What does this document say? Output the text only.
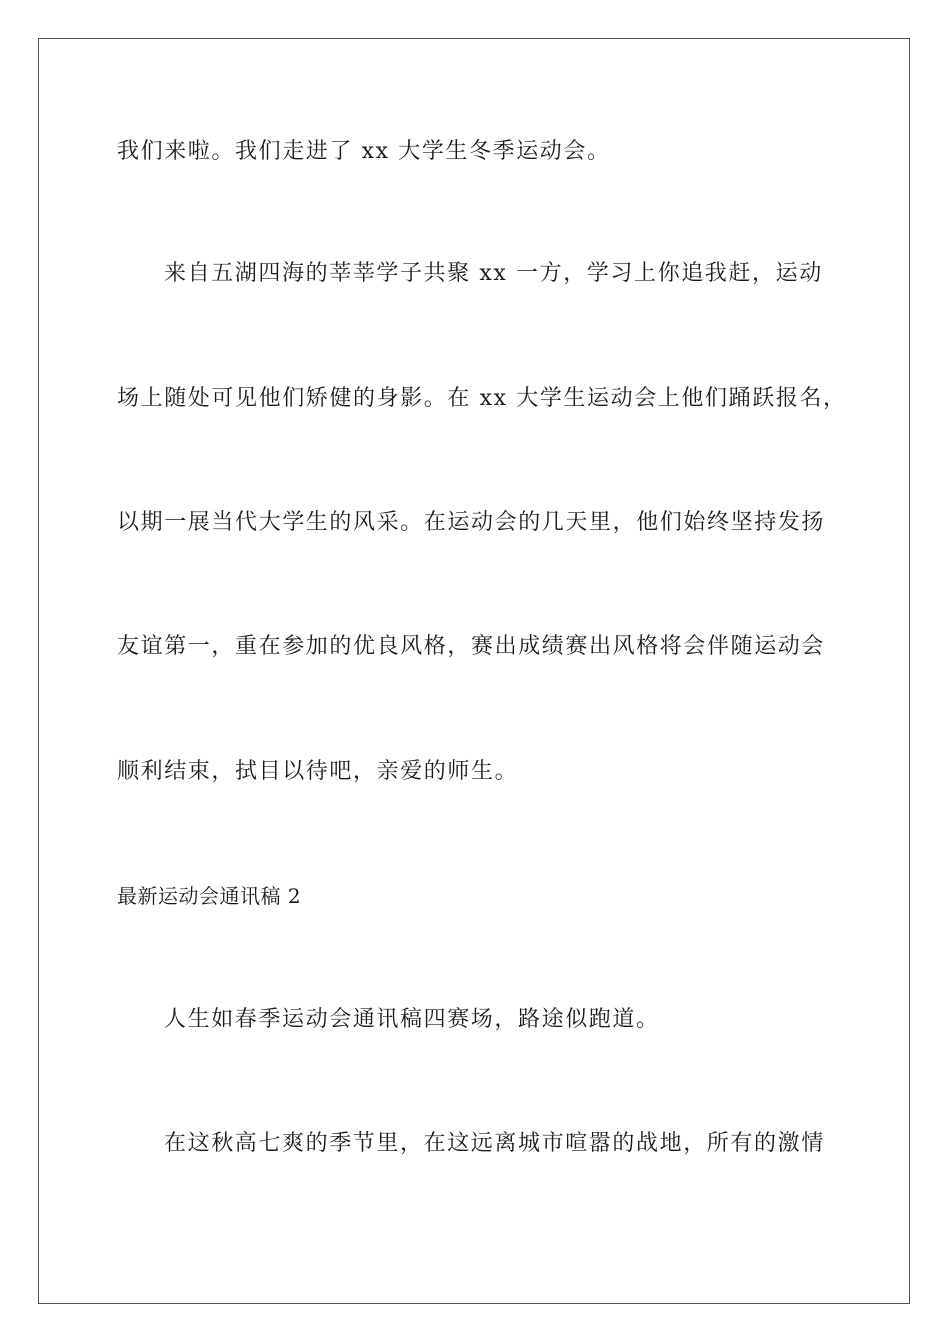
我们来啦。我们走进了 xx 大学生冬季运动会。
来自五湖四海的莘莘学子共聚 xx 一方，学习上你追我赶，运动
场上随处可见他们矫健的身影。在 xx 大学生运动会上他们踊跃报名，
以期一展当代大学生的风采。在运动会的几天里，他们始终坚持发扬
友谊第一，重在参加的优良风格，赛出成绩赛出风格将会伴随运动会
顺利结束，拭目以待吧，亲爱的师生。
最新运动会通讯稿 2
人生如春季运动会通讯稿四赛场，路途似跑道。
在这秋高七爽的季节里，在这远离城市喧嚣的战地，所有的激情
